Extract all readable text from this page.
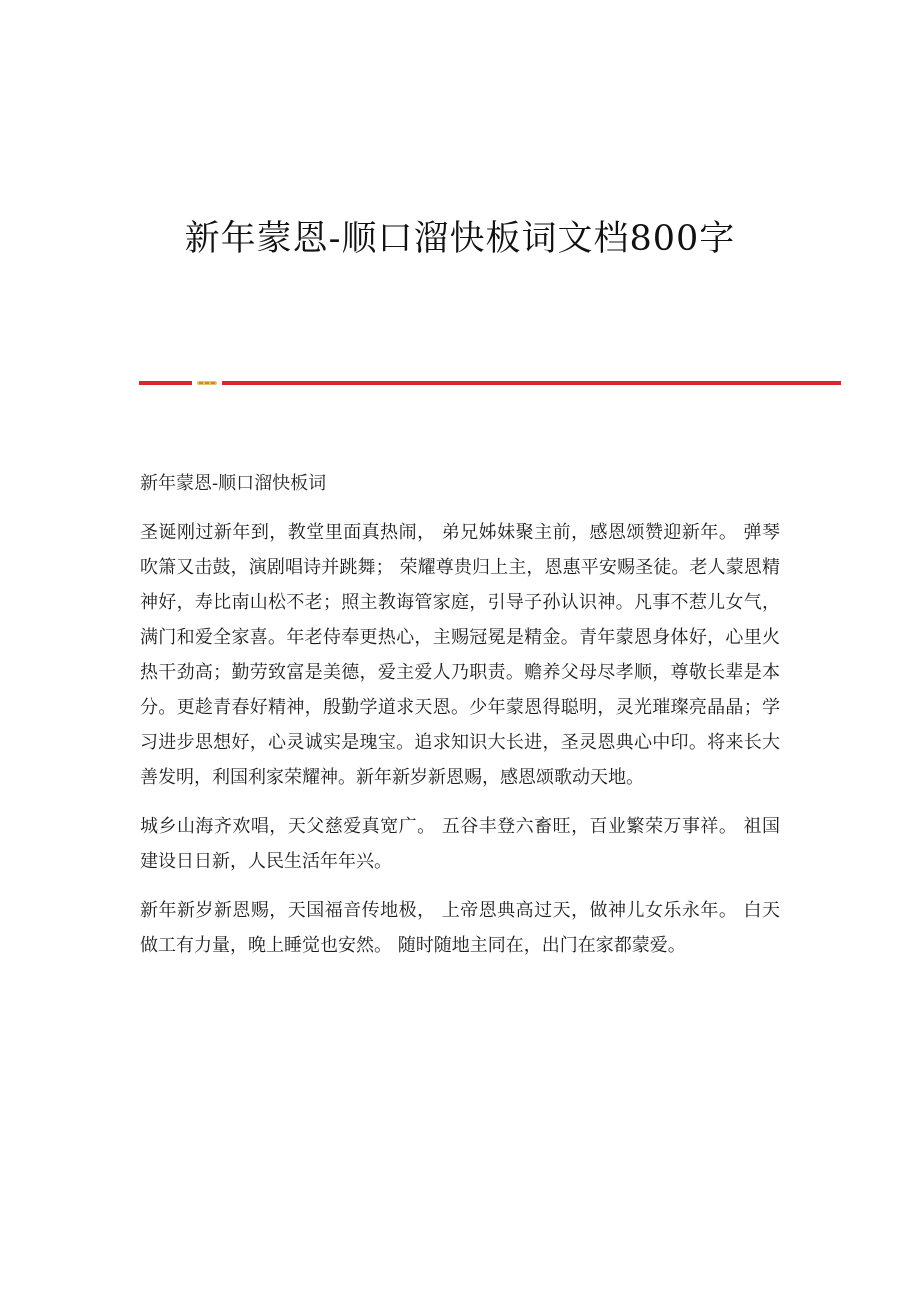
新年蒙恩-顺口溜快板词文档800字

新年蒙恩-顺口溜快板词

圣诞刚过新年到，教堂里面真热闹， 弟兄姊妹聚主前，感恩颂赞迎新年。 弹琴吹箫又击鼓，演剧唱诗并跳舞； 荣耀尊贵归上主，恩惠平安赐圣徒。老人蒙恩精神好，寿比南山松不老；照主教诲管家庭，引导子孙认识神。凡事不惹儿女气，满门和爱全家喜。年老侍奉更热心，主赐冠冕是精金。青年蒙恩身体好，心里火热干劲高；勤劳致富是美德，爱主爱人乃职责。赡养父母尽孝顺，尊敬长辈是本分。更趁青春好精神，殷勤学道求天恩。少年蒙恩得聪明，灵光璀璨亮晶晶；学习进步思想好，心灵诚实是瑰宝。追求知识大长进，圣灵恩典心中印。将来长大善发明，利国利家荣耀神。新年新岁新恩赐，感恩颂歌动天地。

城乡山海齐欢唱，天父慈爱真宽广。 五谷丰登六畜旺，百业繁荣万事祥。 祖国建设日日新，人民生活年年兴。

新年新岁新恩赐，天国福音传地极， 上帝恩典高过天，做神儿女乐永年。 白天做工有力量，晚上睡觉也安然。 随时随地主同在，出门在家都蒙爱。
